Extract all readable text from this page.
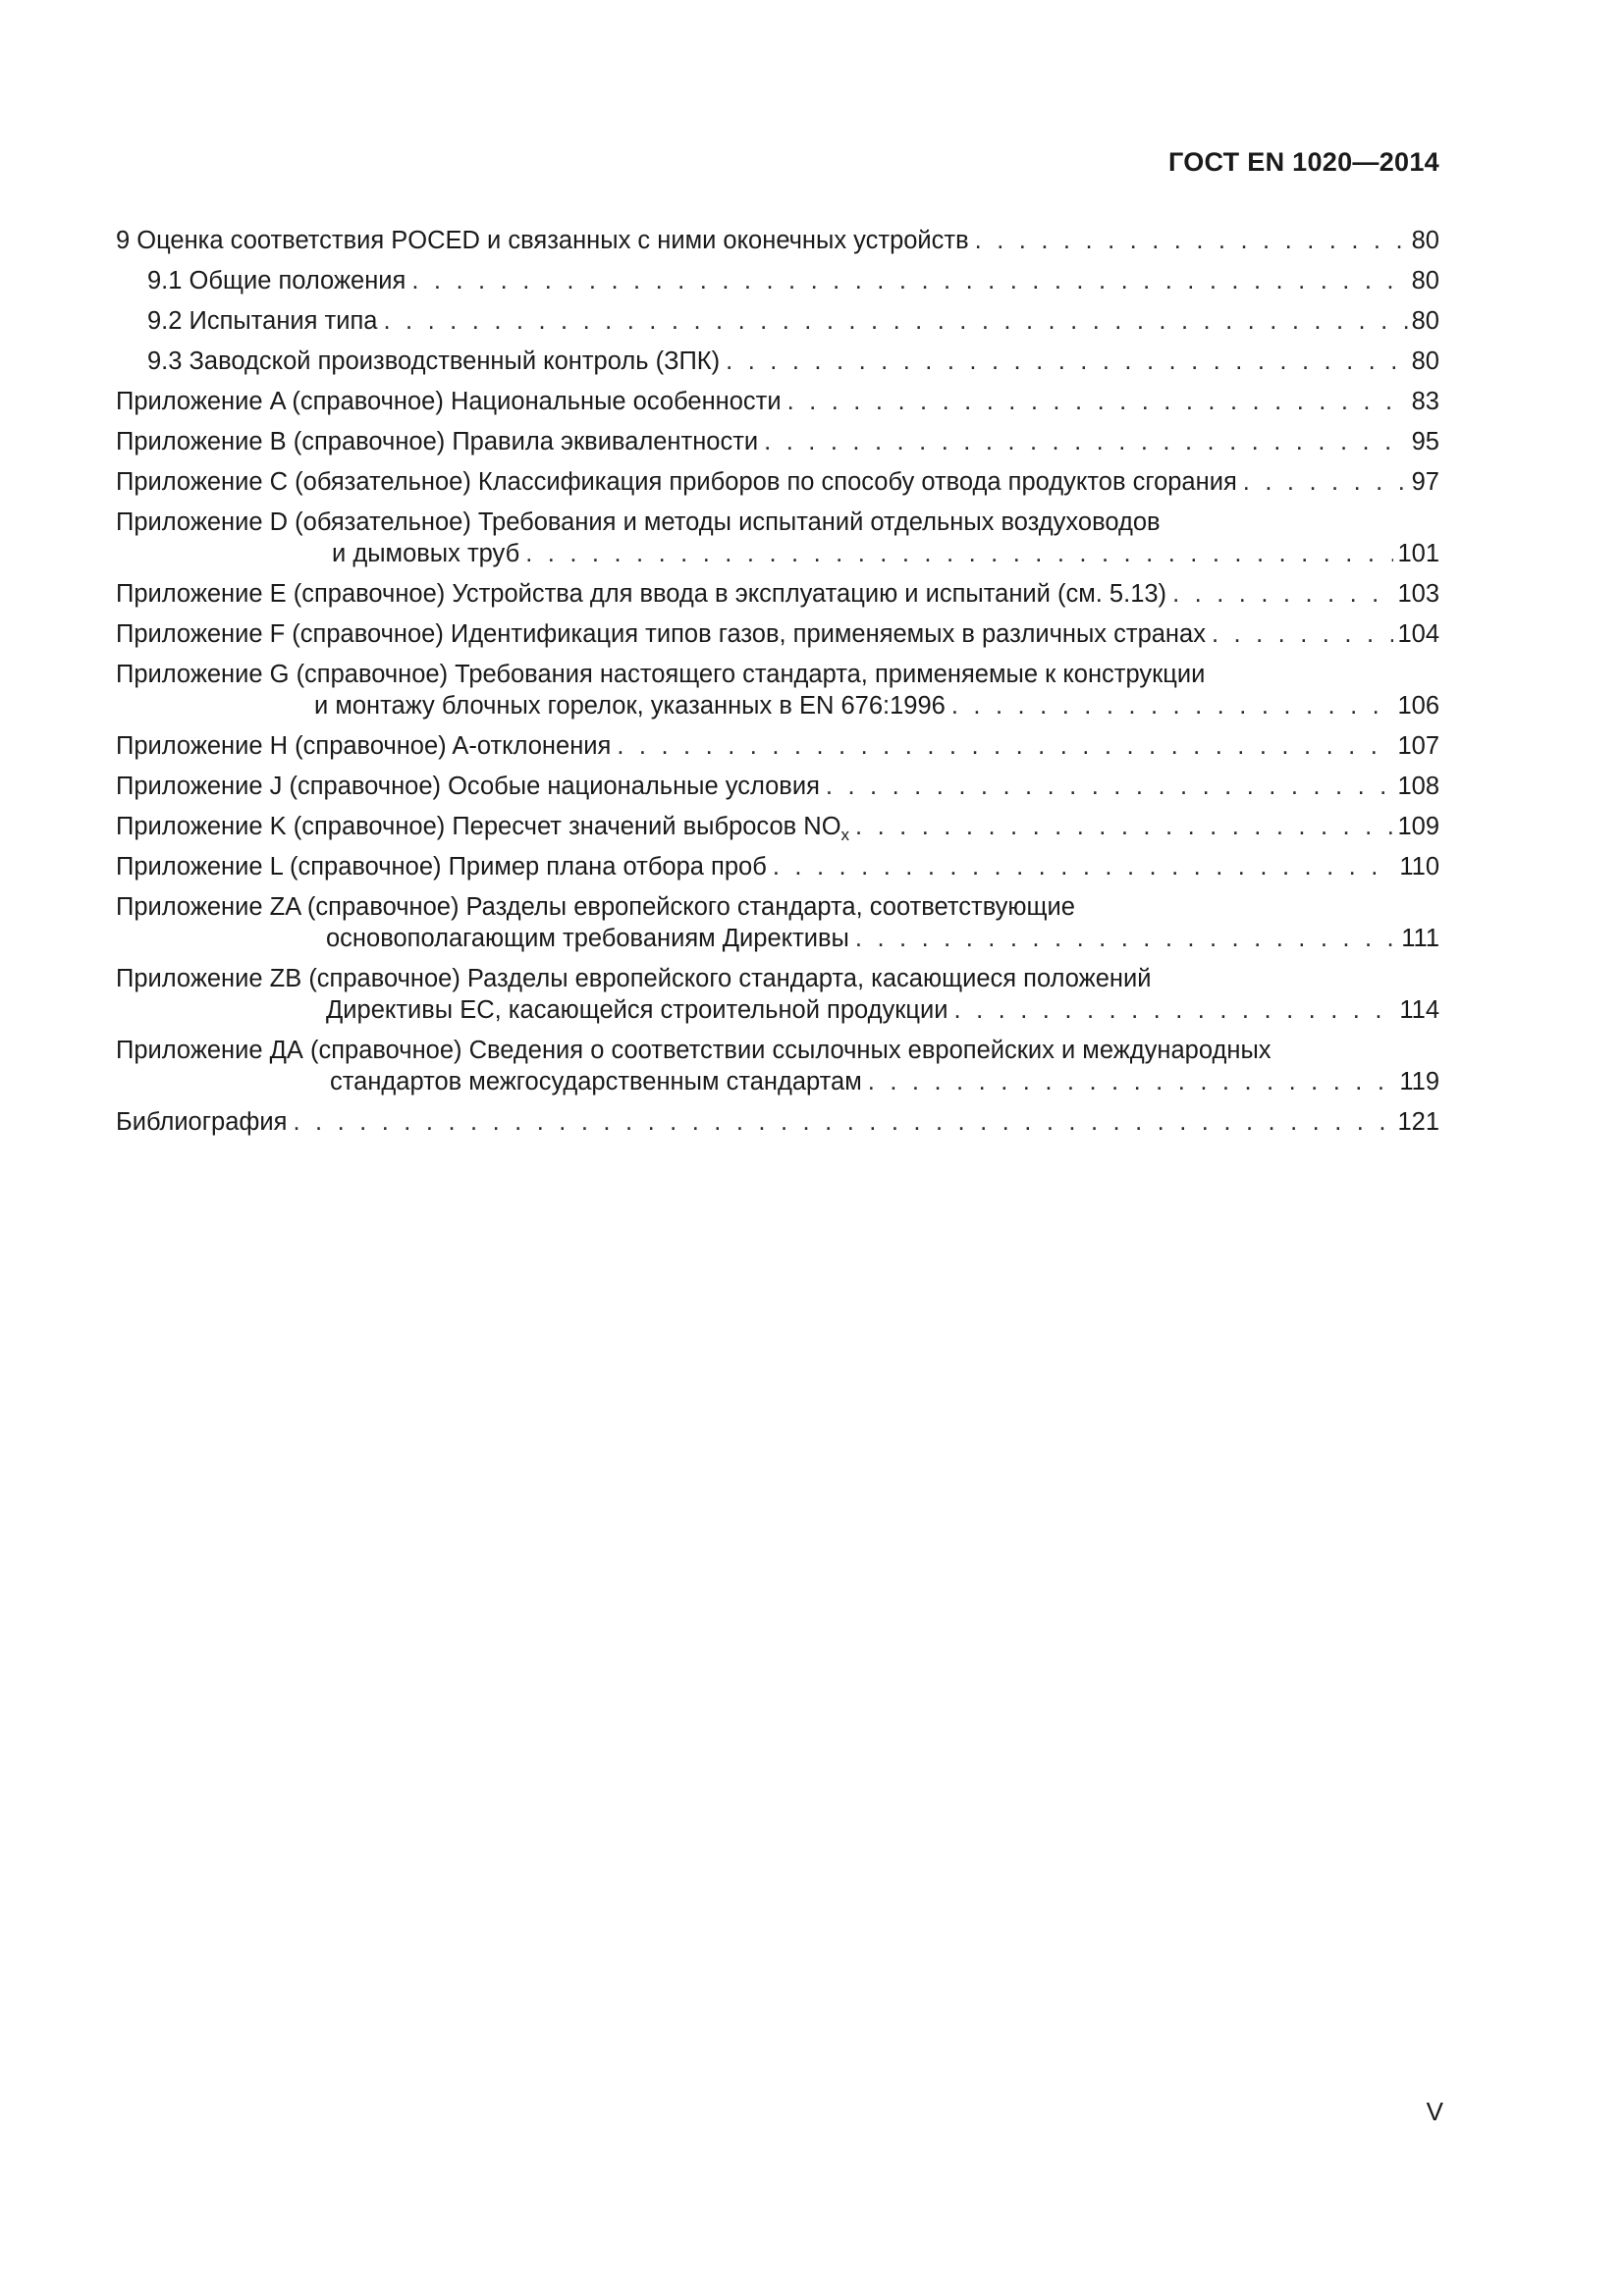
ГОСТ EN 1020—2014
9 Оценка соответствия POCED и связанных с ними оконечных устройств . . .	80
9.1 Общие положения . . .	80
9.2 Испытания типа . . .	80
9.3 Заводской производственный контроль (ЗПК) . . .	80
Приложение A (справочное) Национальные особенности . . .	83
Приложение B (справочное) Правила эквивалентности . . .	95
Приложение C (обязательное) Классификация приборов по способу отвода продуктов сгорания . . .	97
Приложение D (обязательное) Требования и методы испытаний отдельных воздуховодов
и дымовых труб . . .	101
Приложение E (справочное) Устройства для ввода в эксплуатацию и испытаний (см. 5.13) . . .	103
Приложение F (справочное) Идентификация типов газов, применяемых в различных странах . . .	104
Приложение G (справочное) Требования настоящего стандарта, применяемые к конструкции
и монтажу блочных горелок, указанных в EN 676:1996 . . .	106
Приложение H (справочное) A-отклонения . . .	107
Приложение J (справочное) Особые национальные условия . . .	108
Приложение K (справочное) Пересчет значений выбросов $NO_x$ . . .	109
Приложение L (справочное) Пример плана отбора проб . . .	110
Приложение ZA (справочное) Разделы европейского стандарта, соответствующие
основополагающим требованиям Директивы . . .	111
Приложение ZB (справочное) Разделы европейского стандарта, касающиеся положений
Директивы ЕС, касающейся строительной продукции . . .	114
Приложение ДА (справочное) Сведения о соответствии ссылочных европейских и международных
стандартов межгосударственным стандартам . . .	119
Библиография . . .	121
V
